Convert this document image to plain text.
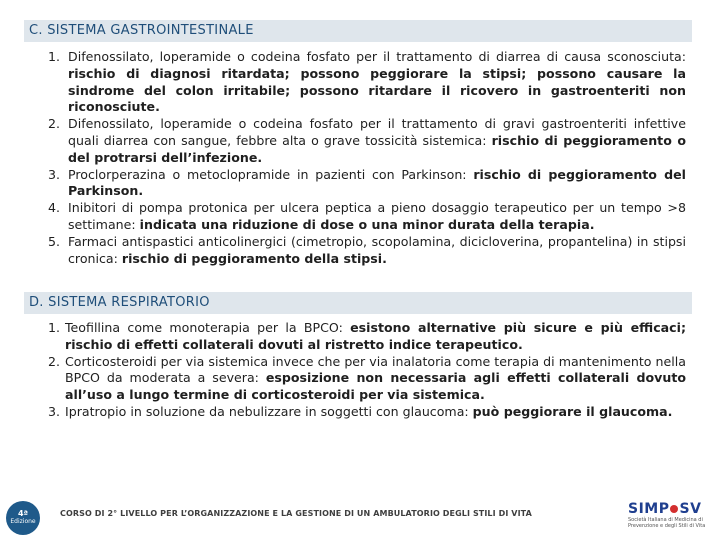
C. SISTEMA GASTROINTESTINALE
1. Difenossilato, loperamide o codeina fosfato per il trattamento di diarrea di causa sconosciuta: rischio di diagnosi ritardata; possono peggiorare la stipsi; possono causare la sindrome del colon irritabile; possono ritardare il ricovero in gastroenteriti non riconosciute.
2. Difenossilato, loperamide o codeina fosfato per il trattamento di gravi gastroenteriti infettive quali diarrea con sangue, febbre alta o grave tossicità sistemica: rischio di peggioramento o del protrarsi dell’infezione.
3. Proclorperazina o metoclopramide in pazienti con Parkinson: rischio di peggioramento del Parkinson.
4. Inibitori di pompa protonica per ulcera peptica a pieno dosaggio terapeutico per un tempo >8 settimane: indicata una riduzione di dose o una minor durata della terapia.
5. Farmaci antispastici anticolinergici (cimetropio, scopolamina, dicicloverina, propantelina) in stipsi cronica: rischio di peggioramento della stipsi.
D. SISTEMA RESPIRATORIO
1. Teofillina come monoterapia per la BPCO: esistono alternative più sicure e più efficaci; rischio di effetti collaterali dovuti al ristretto indice terapeutico.
2. Corticosteroidi per via sistemica invece che per via inalatoria come terapia di mantenimento nella BPCO da moderata a severa: esposizione non necessaria agli effetti collaterali dovuto all’uso a lungo termine di corticosteroidi per via sistemica.
3. Ipratropio in soluzione da nebulizzare in soggetti con glaucoma: può peggiorare il glaucoma.
4ª
Edizione
CORSO DI 2° LIVELLO PER L’ORGANIZZAZIONE E LA GESTIONE DI UN AMBULATORIO DEGLI STILI DI VITA	SIMP SV
Società Italiana di Medicina di Prevenzione e degli Stili di Vita
